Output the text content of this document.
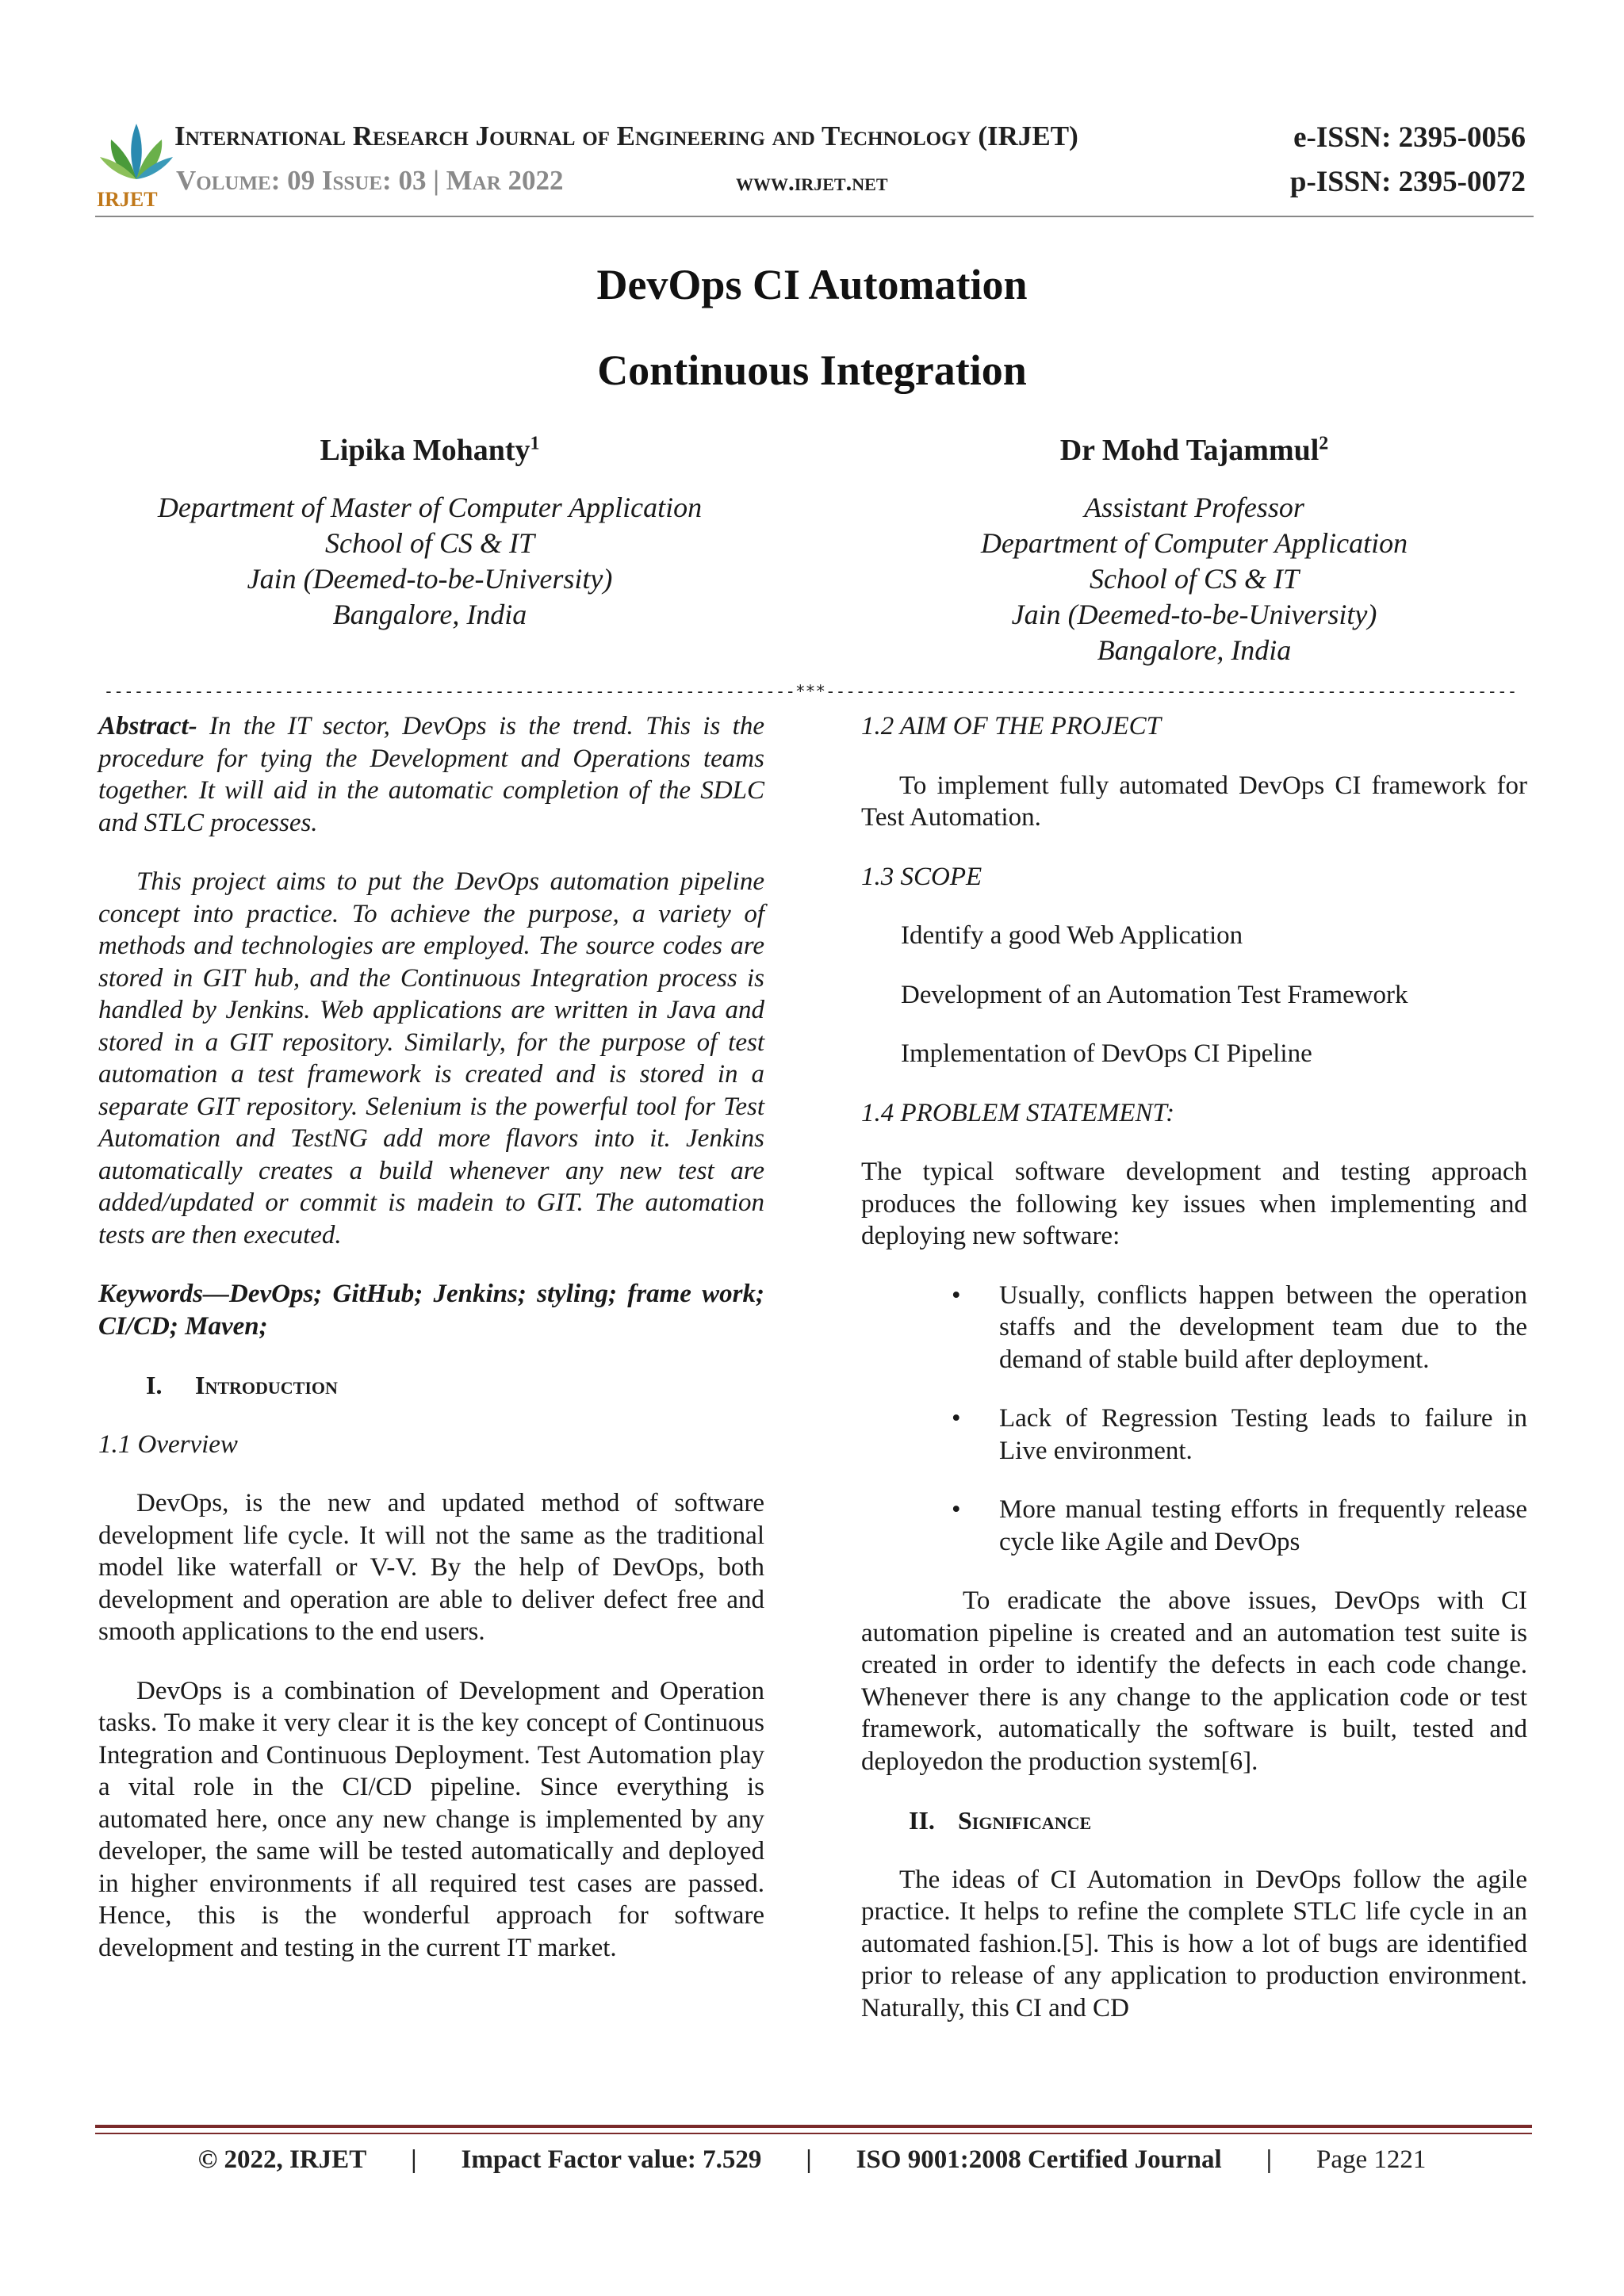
IRJET
International Research Journal of Engineering and Technology (IRJET)
Volume: 09 Issue: 03 | Mar 2022	www.irjet.net
e-ISSN: 2395-0056
p-ISSN: 2395-0072
DevOps CI Automation
Continuous Integration
Lipika Mohanty$^1$
Department of Master of Computer Application
School of CS & IT
Jain (Deemed-to-be-University)
Bangalore, India
Dr Mohd Tajammul$^2$
Assistant Professor
Department of Computer Application
School of CS & IT
Jain (Deemed-to-be-University)
Bangalore, India
---------------------------------------------------------------------***---------------------------------------------------------------------

Abstract- In the IT sector, DevOps is the trend. This is the procedure for tying the Development and Operations teams together. It will aid in the automatic completion of the SDLC and STLC processes.

This project aims to put the DevOps automation pipeline concept into practice. To achieve the purpose, a variety of methods and technologies are employed. The source codes are stored in GIT hub, and the Continuous Integration process is handled by Jenkins. Web applications are written in Java and stored in a GIT repository. Similarly, for the purpose of test automation a test framework is created and is stored in a separate GIT repository. Selenium is the powerful tool for Test Automation and TestNG add more flavors into it. Jenkins automatically creates a build whenever any new test are added/updated or commit is madein to GIT. The automation tests are then executed.

Keywords—DevOps; GitHub; Jenkins; styling; frame work; CI/CD; Maven;

I. Introduction

1.1 Overview

DevOps, is the new and updated method of software development life cycle. It will not the same as the traditional model like waterfall or V-V. By the help of DevOps, both development and operation are able to deliver defect free and smooth applications to the end users.

DevOps is a combination of Development and Operation tasks. To make it very clear it is the key concept of Continuous Integration and Continuous Deployment. Test Automation play a vital role in the CI/CD pipeline. Since everything is automated here, once any new change is implemented by any developer, the same will be tested automatically and deployed in higher environments if all required test cases are passed. Hence, this is the wonderful approach for software development and testing in the current IT market.

1.2 AIM OF THE PROJECT

To implement fully automated DevOps CI framework for Test Automation.

1.3 SCOPE

Identify a good Web Application

Development of an Automation Test Framework

Implementation of DevOps CI Pipeline

1.4 PROBLEM STATEMENT:

The typical software development and testing approach produces the following key issues when implementing and deploying new software:

• Usually, conflicts happen between the operation staffs and the development team due to the demand of stable build after deployment.

• Lack of Regression Testing leads to failure in Live environment.

• More manual testing efforts in frequently release cycle like Agile and DevOps

To eradicate the above issues, DevOps with CI automation pipeline is created and an automation test suite is created in order to identify the defects in each code change. Whenever there is any change to the application code or test framework, automatically the software is built, tested and deployedon the production system[6].

II. Significance

The ideas of CI Automation in DevOps follow the agile practice. It helps to refine the complete STLC life cycle in an automated fashion.[5]. This is how a lot of bugs are identified prior to release of any application to production environment. Naturally, this CI and CD

© 2022, IRJET | Impact Factor value: 7.529 | ISO 9001:2008 Certified Journal | Page 1221
